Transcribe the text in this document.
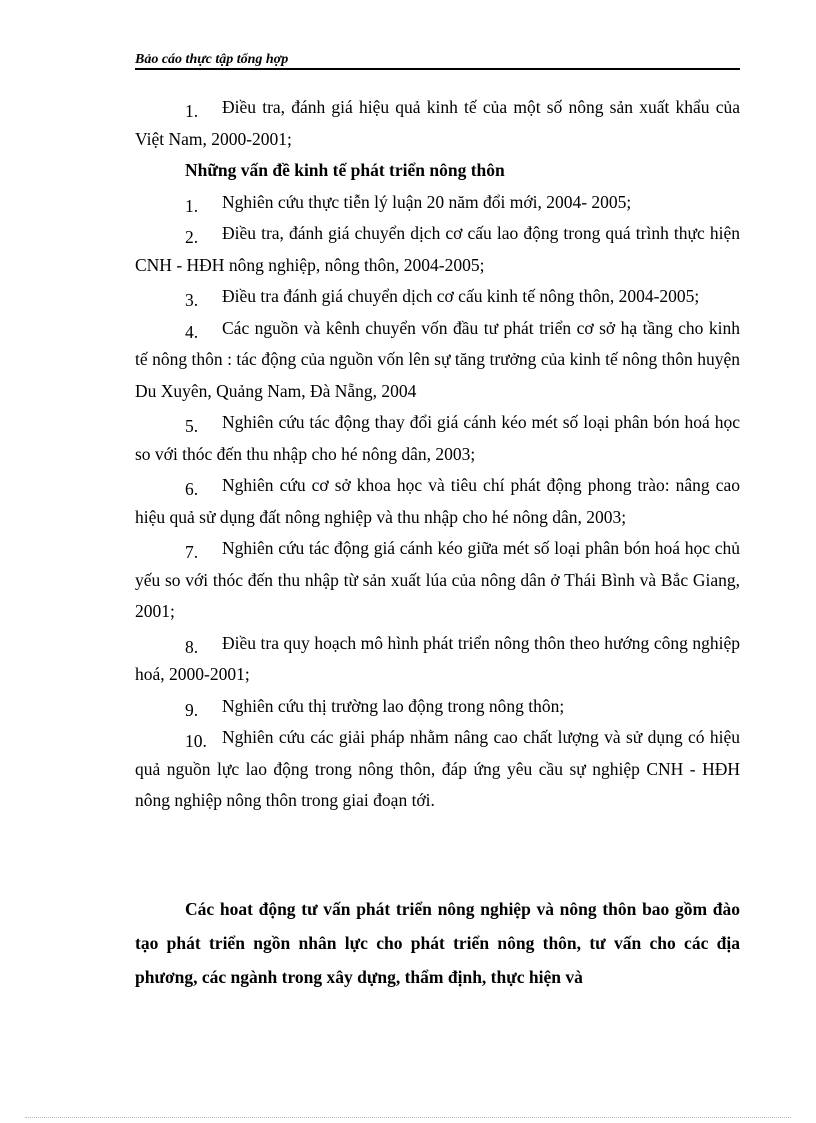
Bảo cáo thực tập tổng hợp

1. Điều tra, đánh giá hiệu quả kinh tế của một số nông sản xuất khẩu của Việt Nam, 2000-2001;

Những vấn đề kinh tế phát triển nông thôn

1. Nghiên cứu thực tiễn lý luận 20 năm đổi mới, 2004- 2005;

2. Điều tra, đánh giá chuyển dịch cơ cấu lao động trong quá trình thực hiện CNH - HĐH nông nghiệp, nông thôn, 2004-2005;

3. Điều tra đánh giá chuyển dịch cơ cấu kinh tế nông thôn, 2004-2005;

4. Các nguồn và kênh chuyển vốn đầu tư phát triển cơ sở hạ tầng cho kinh tế nông thôn : tác động của nguồn vốn lên sự tăng trưởng của kinh tế nông thôn huyện Du Xuyên, Quảng Nam, Đà Nẵng, 2004

5. Nghiên cứu tác động thay đổi giá cánh kéo mét số loại phân bón hoá học so với thóc đến thu nhập cho hé nông dân, 2003;

6. Nghiên cứu cơ sở khoa học và tiêu chí phát động phong trào: nâng cao hiệu quả sử dụng đất nông nghiệp và thu nhập cho hé nông dân, 2003;

7. Nghiên cứu tác động giá cánh kéo giữa mét số loại phân bón hoá học chủ yếu so với thóc đến thu nhập từ sản xuất lúa của nông dân ở Thái Bình và Bắc Giang, 2001;

8. Điều tra quy hoạch mô hình phát triển nông thôn theo hướng công nghiệp hoá, 2000-2001;

9. Nghiên cứu thị trường lao động trong nông thôn;

10. Nghiên cứu các giải pháp nhằm nâng cao chất lượng và sử dụng có hiệu quả nguồn lực lao động trong nông thôn, đáp ứng yêu cầu sự nghiệp CNH - HĐH nông nghiệp nông thôn trong giai đoạn tới.

Các hoat động tư vấn phát triển nông nghiệp và nông thôn bao gồm đào tạo phát triển ngồn nhân lực cho phát triển nông thôn, tư vấn cho các địa phương, các ngành trong xây dựng, thẩm định, thực hiện và
